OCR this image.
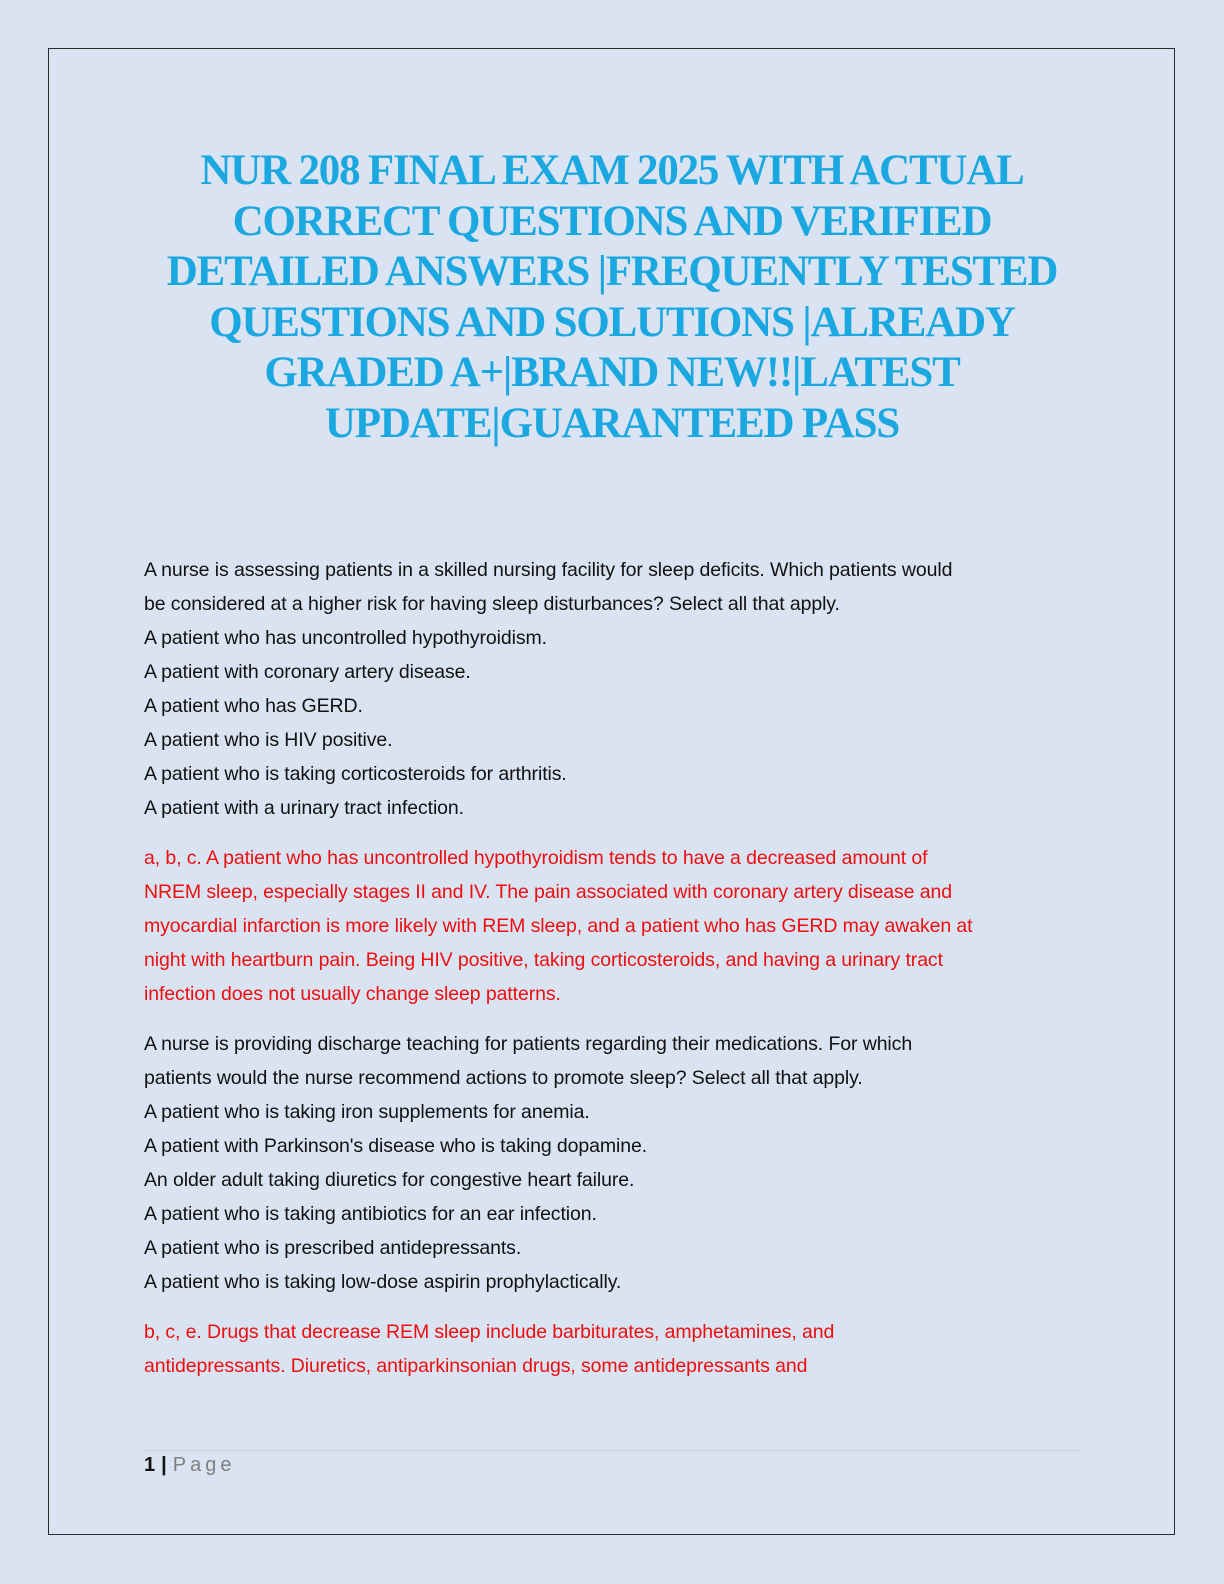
NUR 208 FINAL EXAM 2025 WITH ACTUAL
CORRECT QUESTIONS AND VERIFIED
DETAILED ANSWERS |FREQUENTLY TESTED
QUESTIONS AND SOLUTIONS |ALREADY
GRADED A+|BRAND NEW!!|LATEST
UPDATE|GUARANTEED PASS
A nurse is assessing patients in a skilled nursing facility for sleep deficits. Which patients would
be considered at a higher risk for having sleep disturbances? Select all that apply.
A patient who has uncontrolled hypothyroidism.
A patient with coronary artery disease.
A patient who has GERD.
A patient who is HIV positive.
A patient who is taking corticosteroids for arthritis.
A patient with a urinary tract infection.
a, b, c. A patient who has uncontrolled hypothyroidism tends to have a decreased amount of
NREM sleep, especially stages II and IV. The pain associated with coronary artery disease and
myocardial infarction is more likely with REM sleep, and a patient who has GERD may awaken at
night with heartburn pain. Being HIV positive, taking corticosteroids, and having a urinary tract
infection does not usually change sleep patterns.
A nurse is providing discharge teaching for patients regarding their medications. For which
patients would the nurse recommend actions to promote sleep? Select all that apply.
A patient who is taking iron supplements for anemia.
A patient with Parkinson's disease who is taking dopamine.
An older adult taking diuretics for congestive heart failure.
A patient who is taking antibiotics for an ear infection.
A patient who is prescribed antidepressants.
A patient who is taking low-dose aspirin prophylactically.
b, c, e. Drugs that decrease REM sleep include barbiturates, amphetamines, and
antidepressants. Diuretics, antiparkinsonian drugs, some antidepressants and
1 | Page
